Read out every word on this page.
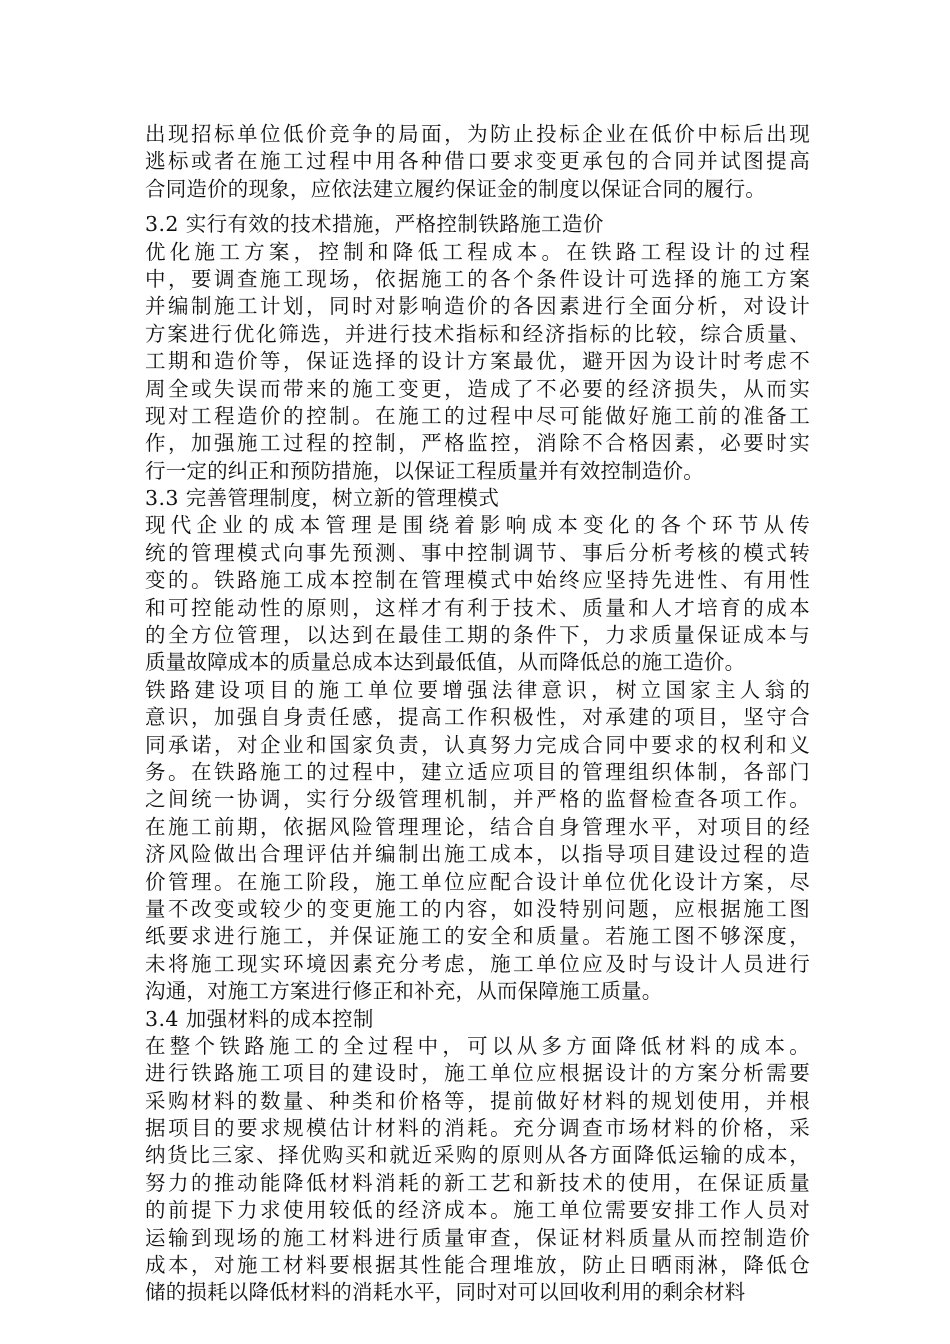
出现招标单位低价竞争的局面，为防止投标企业在低价中标后出现
逃标或者在施工过程中用各种借口要求变更承包的合同并试图提高
合同造价的现象，应依法建立履约保证金的制度以保证合同的履行。
3.2 实行有效的技术措施，严格控制铁路施工造价
优化施工方案，控制和降低工程成本。在铁路工程设计的过程
中，要调查施工现场，依据施工的各个条件设计可选择的施工方案
并编制施工计划，同时对影响造价的各因素进行全面分析，对设计
方案进行优化筛选，并进行技术指标和经济指标的比较，综合质量、
工期和造价等，保证选择的设计方案最优，避开因为设计时考虑不
周全或失误而带来的施工变更，造成了不必要的经济损失，从而实
现对工程造价的控制。在施工的过程中尽可能做好施工前的准备工
作，加强施工过程的控制，严格监控，消除不合格因素，必要时实
行一定的纠正和预防措施，以保证工程质量并有效控制造价。
3.3 完善管理制度，树立新的管理模式
现代企业的成本管理是围绕着影响成本变化的各个环节从传
统的管理模式向事先预测、事中控制调节、事后分析考核的模式转
变的。铁路施工成本控制在管理模式中始终应坚持先进性、有用性
和可控能动性的原则，这样才有利于技术、质量和人才培育的成本
的全方位管理，以达到在最佳工期的条件下，力求质量保证成本与
质量故障成本的质量总成本达到最低值，从而降低总的施工造价。
铁路建设项目的施工单位要增强法律意识，树立国家主人翁的
意识，加强自身责任感，提高工作积极性，对承建的项目，坚守合
同承诺，对企业和国家负责，认真努力完成合同中要求的权利和义
务。在铁路施工的过程中，建立适应项目的管理组织体制，各部门
之间统一协调，实行分级管理机制，并严格的监督检查各项工作。
在施工前期，依据风险管理理论，结合自身管理水平，对项目的经
济风险做出合理评估并编制出施工成本，以指导项目建设过程的造
价管理。在施工阶段，施工单位应配合设计单位优化设计方案，尽
量不改变或较少的变更施工的内容，如没特别问题，应根据施工图
纸要求进行施工，并保证施工的安全和质量。若施工图不够深度，
未将施工现实环境因素充分考虑，施工单位应及时与设计人员进行
沟通，对施工方案进行修正和补充，从而保障施工质量。
3.4 加强材料的成本控制
在整个铁路施工的全过程中，可以从多方面降低材料的成本。
进行铁路施工项目的建设时，施工单位应根据设计的方案分析需要
采购材料的数量、种类和价格等，提前做好材料的规划使用，并根
据项目的要求规模估计材料的消耗。充分调查市场材料的价格，采
纳货比三家、择优购买和就近采购的原则从各方面降低运输的成本，
努力的推动能降低材料消耗的新工艺和新技术的使用，在保证质量
的前提下力求使用较低的经济成本。施工单位需要安排工作人员对
运输到现场的施工材料进行质量审查，保证材料质量从而控制造价
成本，对施工材料要根据其性能合理堆放，防止日晒雨淋，降低仓
储的损耗以降低材料的消耗水平，同时对可以回收利用的剩余材料
